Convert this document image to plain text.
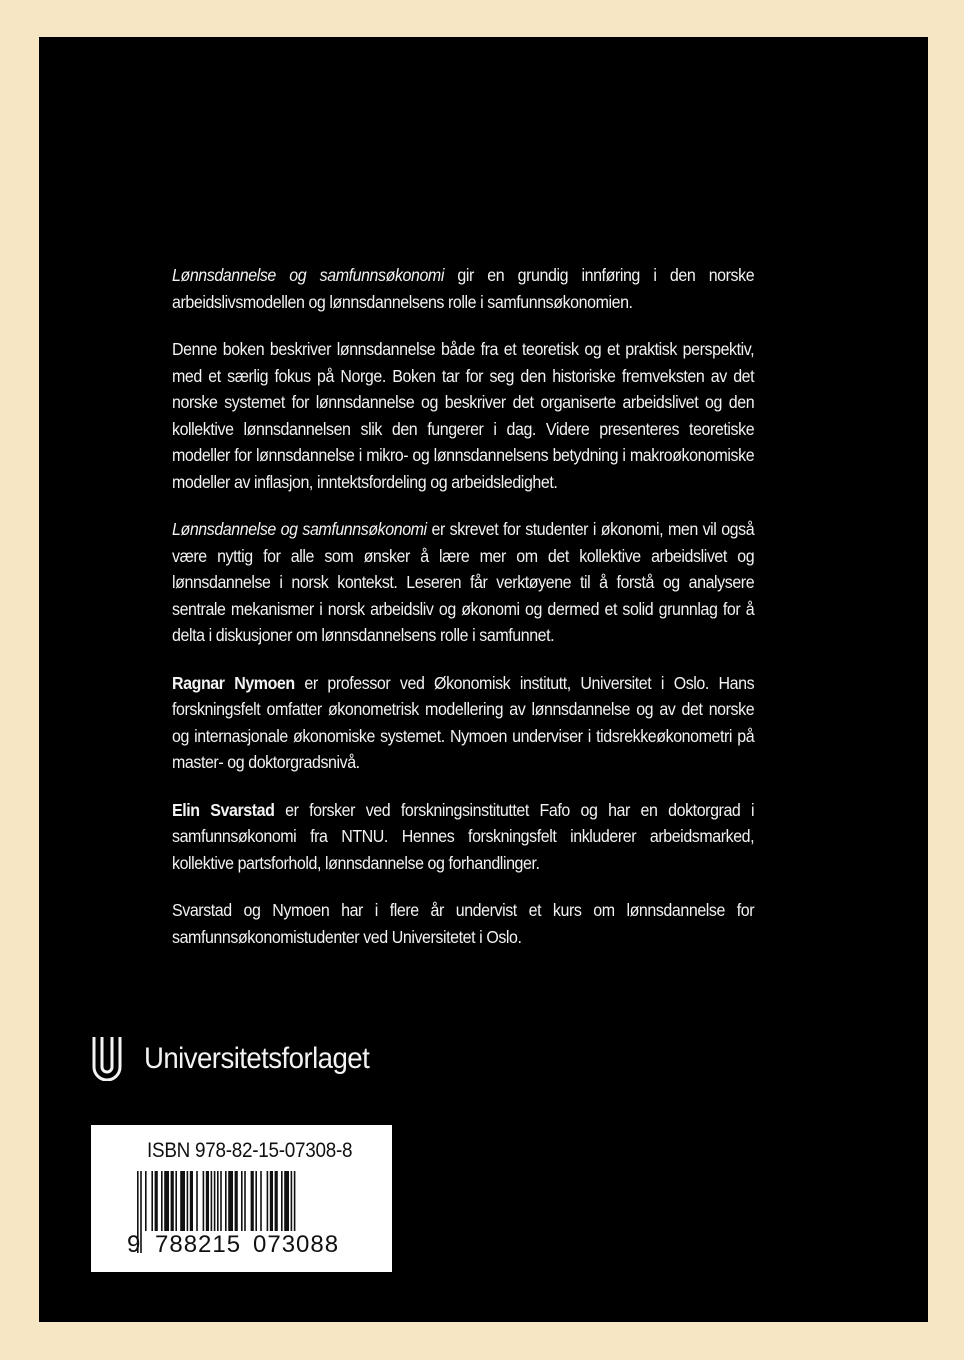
Lønnsdannelse og samfunnsøkonomi gir en grundig innføring i den norske arbeidslivsmodellen og lønnsdannelsens rolle i samfunnsøkonomien.

Denne boken beskriver lønnsdannelse både fra et teoretisk og et praktisk perspektiv, med et særlig fokus på Norge. Boken tar for seg den historiske fremveksten av det norske systemet for lønnsdannelse og beskriver det organiserte arbeidslivet og den kollektive lønnsdannelsen slik den fungerer i dag. Videre presenteres teoretiske modeller for lønnsdannelse i mikro- og lønnsdannelsens betydning i makroøkonomiske modeller av inflasjon, inntektsfordeling og arbeidsledighet.

Lønnsdannelse og samfunnsøkonomi er skrevet for studenter i økonomi, men vil også være nyttig for alle som ønsker å lære mer om det kollektive arbeidslivet og lønnsdannelse i norsk kontekst. Leseren får verktøyene til å forstå og analysere sentrale mekanismer i norsk arbeidsliv og økonomi og dermed et solid grunnlag for å delta i diskusjoner om lønnsdannelsens rolle i samfunnet.

Ragnar Nymoen er professor ved Økonomisk institutt, Universitet i Oslo. Hans forskningsfelt omfatter økonometrisk modellering av lønnsdannelse og av det norske og internasjonale økonomiske systemet. Nymoen underviser i tidsrekkeøkonometri på master- og doktorgradsnivå.

Elin Svarstad er forsker ved forskningsinstituttet Fafo og har en doktorgrad i samfunnsøkonomi fra NTNU. Hennes forskningsfelt inkluderer arbeidsmarked, kollektive partsforhold, lønnsdannelse og forhandlinger.

Svarstad og Nymoen har i flere år undervist et kurs om lønnsdannelse for samfunnsøkonomistudenter ved Universitetet i Oslo.

Universitetsforlaget
ISBN 978-82-15-07308-8
9 788215 073088
